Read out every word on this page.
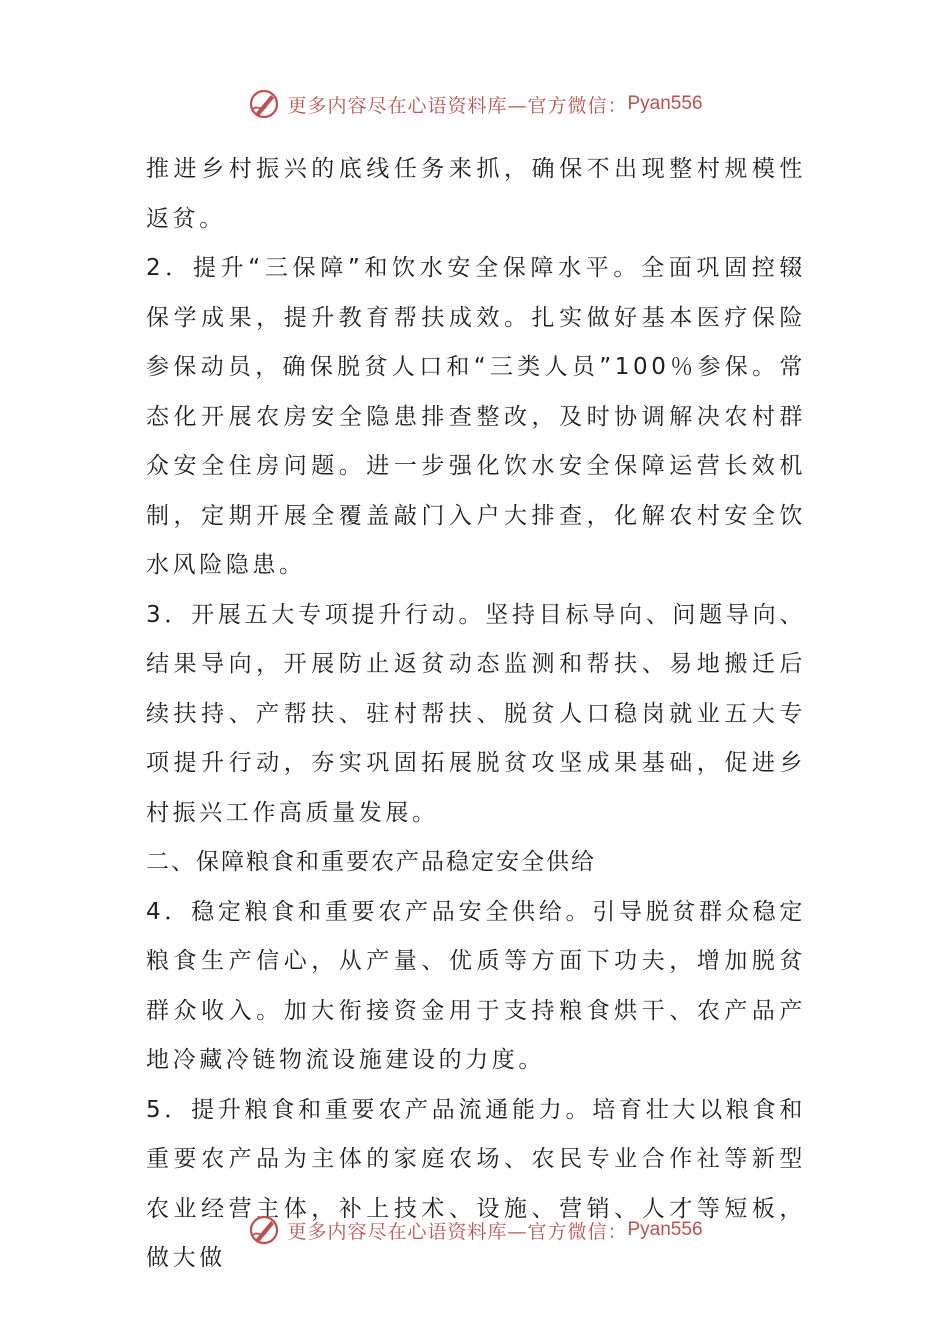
更多内容尽在心语资料库—官方微信： Pyan556

推进乡村振兴的底线任务来抓，确保不出现整村规模性返贫。

2．提升“三保障”和饮水安全保障水平。全面巩固控辍保学成果，提升教育帮扶成效。扎实做好基本医疗保险参保动员，确保脱贫人口和“三类人员”100％参保。常态化开展农房安全隐患排查整改，及时协调解决农村群众安全住房问题。进一步强化饮水安全保障运营长效机制，定期开展全覆盖敲门入户大排查，化解农村安全饮水风险隐患。

3．开展五大专项提升行动。坚持目标导向、问题导向、结果导向，开展防止返贫动态监测和帮扶、易地搬迁后续扶持、产帮扶、驻村帮扶、脱贫人口稳岗就业五大专项提升行动，夯实巩固拓展脱贫攻坚成果基础，促进乡村振兴工作高质量发展。

二、保障粮食和重要农产品稳定安全供给

4．稳定粮食和重要农产品安全供给。引导脱贫群众稳定粮食生产信心，从产量、优质等方面下功夫，增加脱贫群众收入。加大衔接资金用于支持粮食烘干、农产品产地冷藏冷链物流设施建设的力度。

5．提升粮食和重要农产品流通能力。培育壮大以粮食和重要农产品为主体的家庭农场、农民专业合作社等新型农业经营主体，补上技术、设施、营销、人才等短板，做大做

更多内容尽在心语资料库—官方微信： Pyan556
